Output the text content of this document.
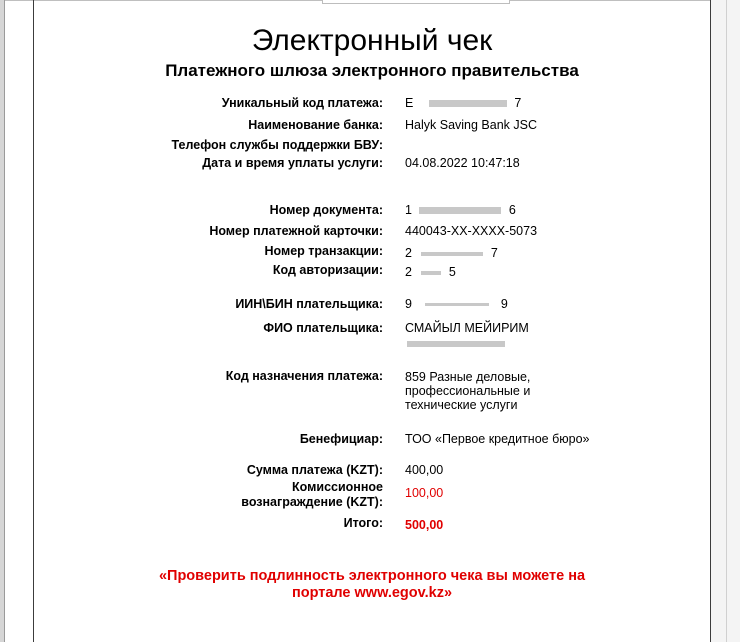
Электронный чек
Платежного шлюза электронного правительства
Уникальный код платежа: E	7
Наименование банка: Halyk Saving Bank JSC
Телефон службы поддержки БВУ:
Дата и время уплаты услуги: 04.08.2022 10:47:18
Номер документа: 1	6
Номер платежной карточки: 440043-XX-XXXX-5073
Номер транзакции: 2	7
Код авторизации: 2	5
ИИН\БИН плательщика: 9	9
ФИО плательщика: СМАЙЫЛ МЕЙИРИМ
Код назначения платежа: 859 Разные деловые, профессиональные и технические услуги
Бенефициар: ТОО «Первое кредитное бюро»
Сумма платежа (KZT): 400,00
Комиссионное вознаграждение (KZT):
100,00
Итого: 500,00
«Проверить подлинность электронного чека вы можете на портале www.egov.kz»
